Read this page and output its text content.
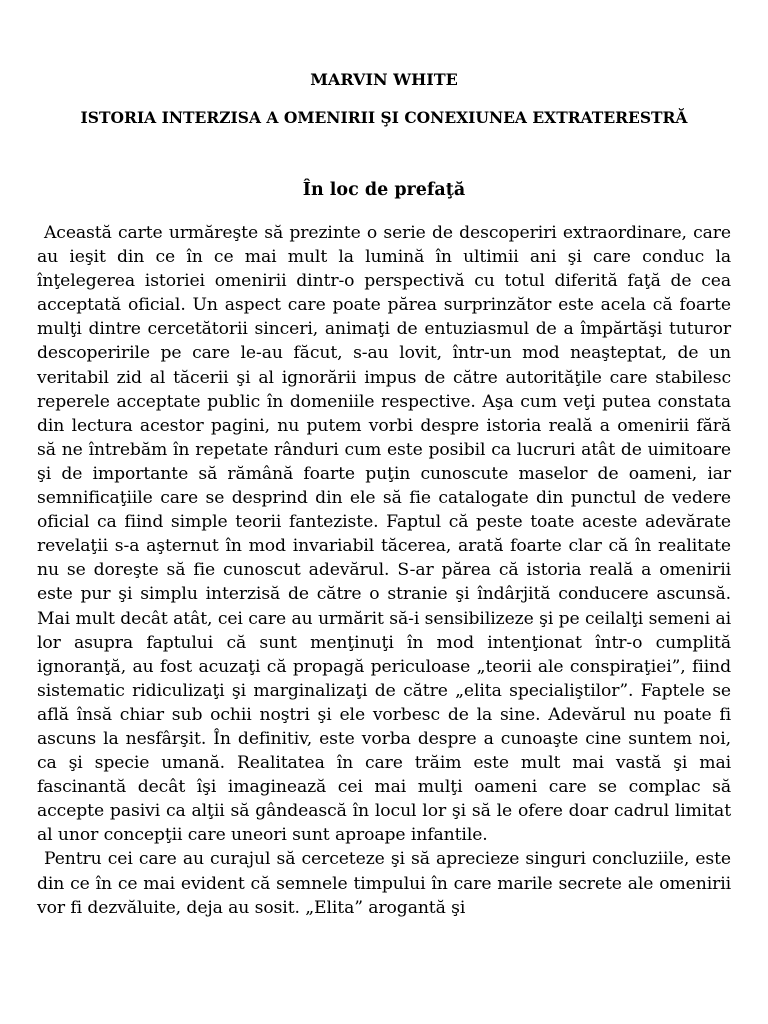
MARVIN WHITE
ISTORIA INTERZISA A OMENIRII ŞI CONEXIUNEA EXTRATERESTRĂ
În loc de prefaţă

Această carte urmăreşte să prezinte o serie de descoperiri extraordinare, care au ieşit din ce în ce mai mult la lumină în ultimii ani şi care conduc la înţelegerea istoriei omenirii dintr-o perspectivă cu totul diferită faţă de cea acceptată oficial. Un aspect care poate părea surprinzător este acela că foarte mulţi dintre cercetătorii sinceri, animaţi de entuziasmul de a împărtăşi tuturor descoperirile pe care le-au făcut, s-au lovit, într-un mod neaşteptat, de un veritabil zid al tăcerii şi al ignorării impus de către autorităţile care stabilesc reperele acceptate public în domeniile respective. Aşa cum veţi putea constata din lectura acestor pagini, nu putem vorbi despre istoria reală a omenirii fără să ne întrebăm în repetate rânduri cum este posibil ca lucruri atât de uimitoare şi de importante să rămână foarte puţin cunoscute maselor de oameni, iar semnificaţiile care se desprind din ele să fie catalogate din punctul de vedere oficial ca fiind simple teorii fanteziste. Faptul că peste toate aceste adevărate revelaţii s-a aşternut în mod invariabil tăcerea, arată foarte clar că în realitate nu se doreşte să fie cunoscut adevărul. S-ar părea că istoria reală a omenirii este pur şi simplu interzisă de către o stranie şi îndârjită conducere ascunsă. Mai mult decât atât, cei care au urmărit să-i sensibilizeze şi pe ceilalţi semeni ai lor asupra faptului că sunt menţinuţi în mod intenţionat într-o cumplită ignoranţă, au fost acuzaţi că propagă periculoase „teorii ale conspiraţiei”, fiind sistematic ridiculizaţi şi marginalizaţi de către „elita specialiştilor”. Faptele se află însă chiar sub ochii noştri şi ele vorbesc de la sine. Adevărul nu poate fi ascuns la nesfârşit. În definitiv, este vorba despre a cunoaşte cine suntem noi, ca şi specie umană. Realitatea în care trăim este mult mai vastă şi mai fascinantă decât îşi imaginează cei mai mulţi oameni care se complac să accepte pasivi ca alţii să gândească în locul lor şi să le ofere doar cadrul limitat al unor concepţii care uneori sunt aproape infantile.

Pentru cei care au curajul să cerceteze şi să aprecieze singuri concluziile, este din ce în ce mai evident că semnele timpului în care marile secrete ale omenirii vor fi dezvăluite, deja au sosit. „Elita” arogantă şi
